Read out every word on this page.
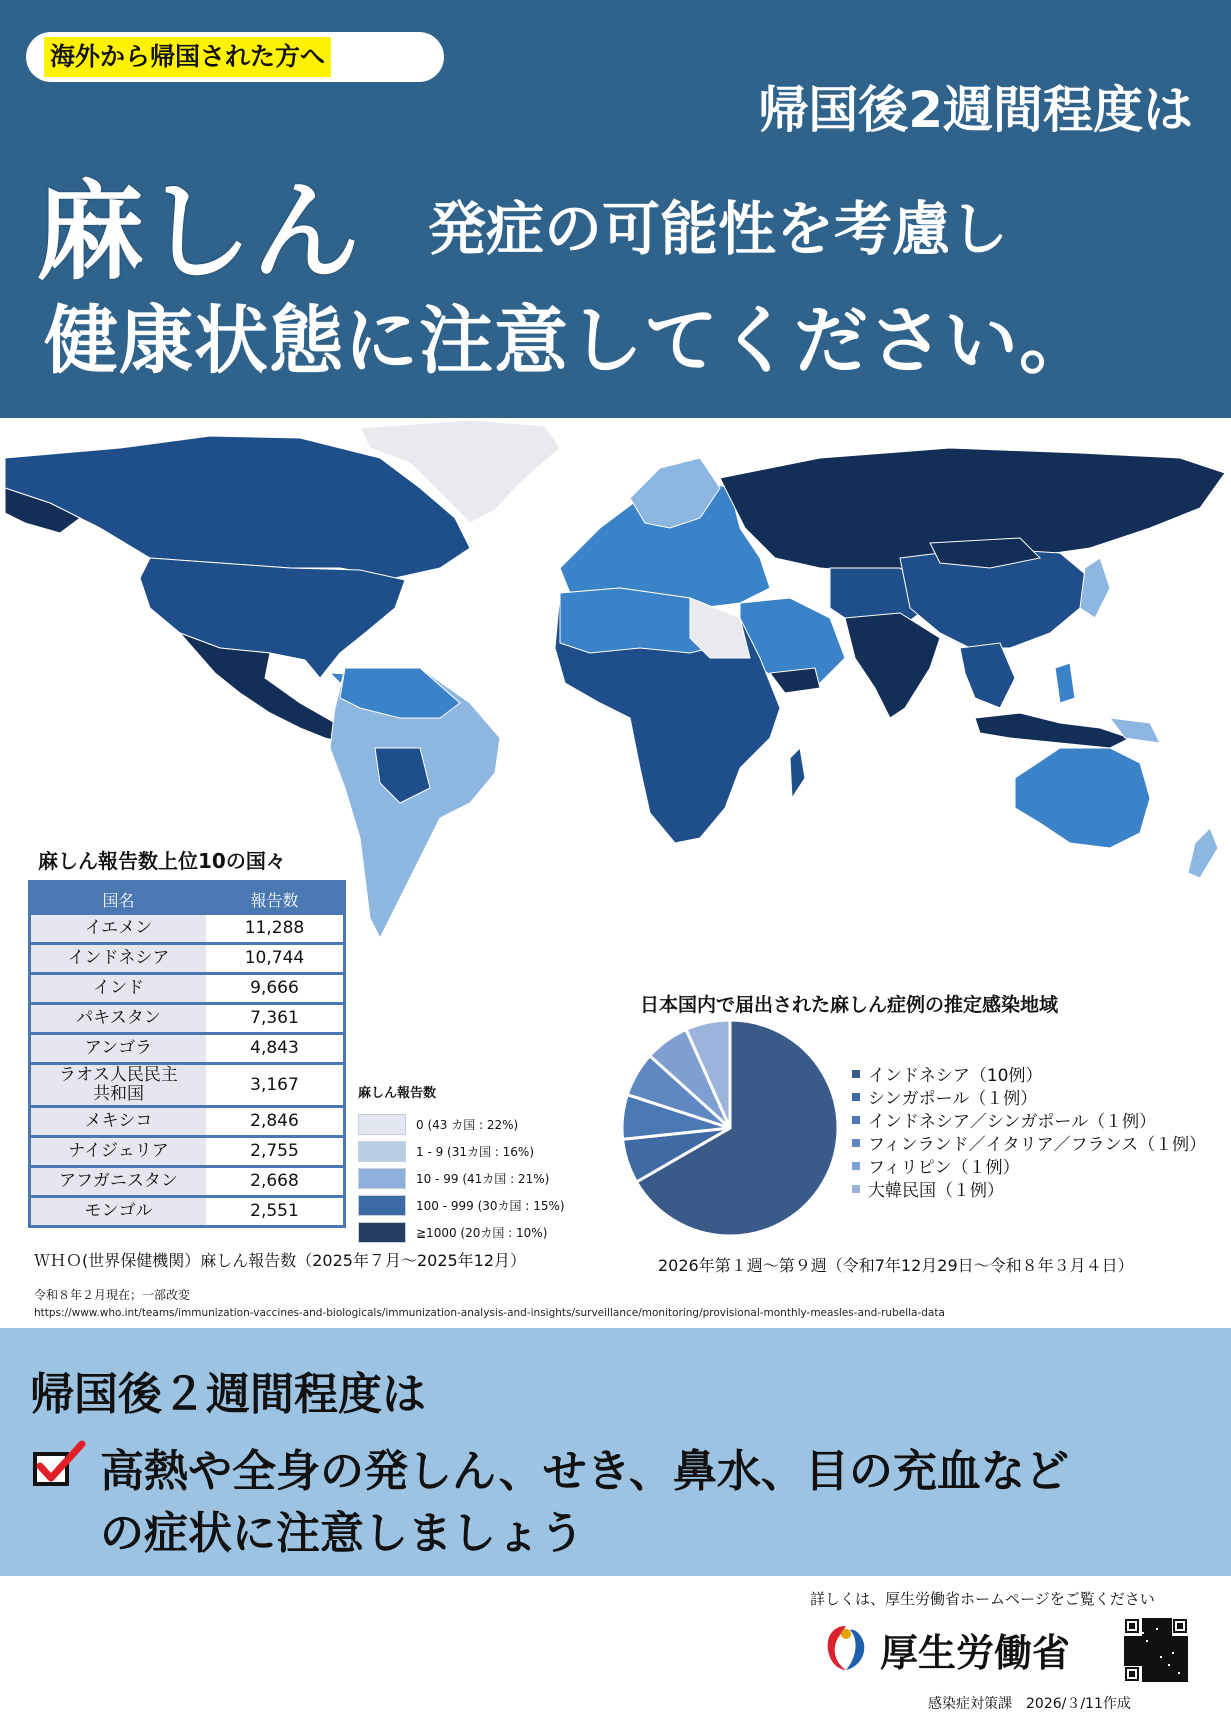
海外から帰国された方へ
帰国後2週間程度は
麻しん 発症の可能性を考慮し
健康状態に注意してください。
麻しん報告数上位10の国々
国名	報告数
イエメン	11,288
インドネシア	10,744
インド	9,666
パキスタン	7,361
アンゴラ	4,843
ラオス人民民主
共和国	3,167
メキシコ	2,846
ナイジェリア	2,755
アフガニスタン	2,668
モンゴル	2,551
麻しん報告数
0 (43 カ国 : 22%)
1 - 9 (31カ国 : 16%)
10 - 99 (41カ国 : 21%)
100 - 999 (30カ国 : 15%)
≧1000 (20カ国 : 10%)
ＷＨＯ(世界保健機関）麻しん報告数（2025年７月～2025年12月）
令和８年２月現在；一部改変
https://www.who.int/teams/immunization-vaccines-and-biologicals/immunization-analysis-and-insights/surveillance/monitoring/provisional-monthly-measles-and-rubella-data
日本国内で届出された麻しん症例の推定感染地域
インドネシア（10例）
シンガポール（１例）
インドネシア／シンガポール（１例）
フィンランド／イタリア／フランス（１例）
フィリピン（１例）
大韓民国（１例）
2026年第１週～第９週（令和7年12月29日～令和８年３月４日）
帰国後２週間程度は
高熱や全身の発しん、せき、鼻水、目の充血など
の症状に注意しましょう
詳しくは、厚生労働省ホームページをご覧ください
厚生労働省
感染症対策課　2026/３/11作成
